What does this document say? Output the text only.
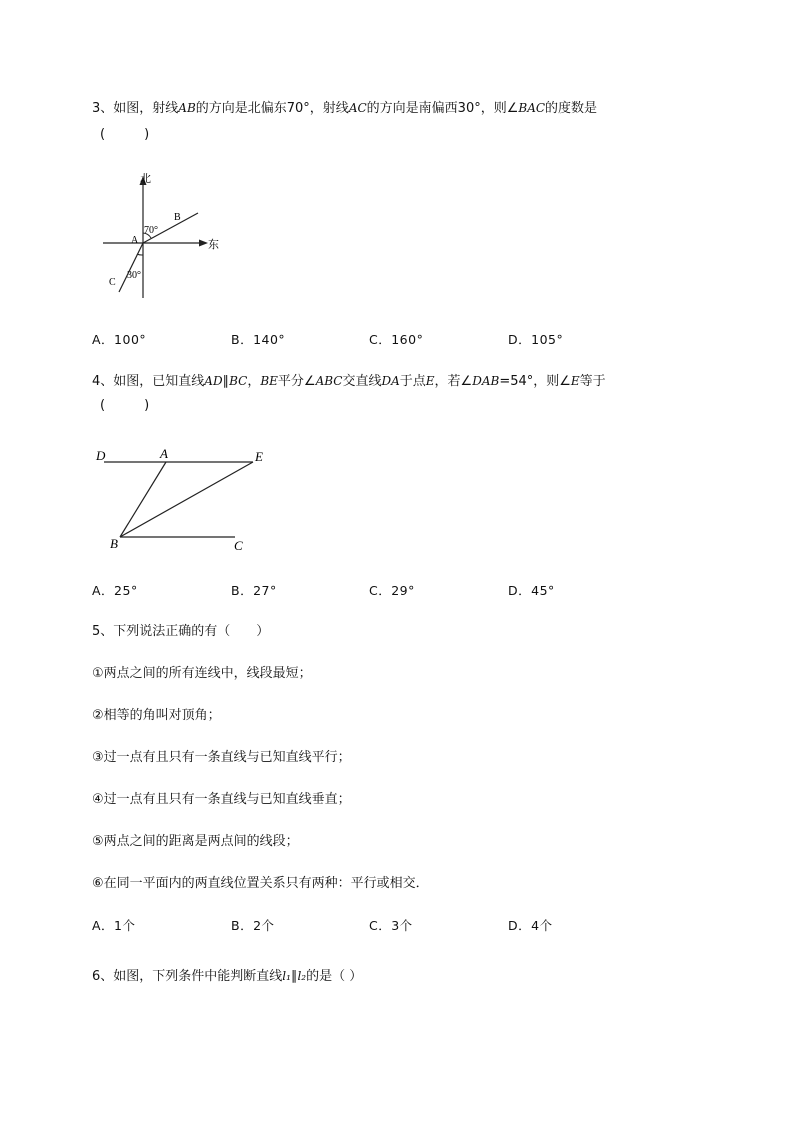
3、如图，射线AB的方向是北偏东70°，射线AC的方向是南偏西30°，则∠BAC的度数是
(　　　)
北
东
A
B
C
70°
30°
A．100°	B．140°	C．160°	D．105°
4、如图，已知直线AD∥BC，BE平分∠ABC交直线DA于点E，若∠DAB=54°，则∠E等于
(　　　)
D	A	E
B	C
A．25°	B．27°	C．29°	D．45°
5、下列说法正确的有（　　）
①两点之间的所有连线中，线段最短；
②相等的角叫对顶角；
③过一点有且只有一条直线与已知直线平行；
④过一点有且只有一条直线与已知直线垂直；
⑤两点之间的距离是两点间的线段；
⑥在同一平面内的两直线位置关系只有两种：平行或相交．
A．1个	B．2个	C．3个	D．4个
6、如图，下列条件中能判断直线l₁∥l₂的是（ ）
